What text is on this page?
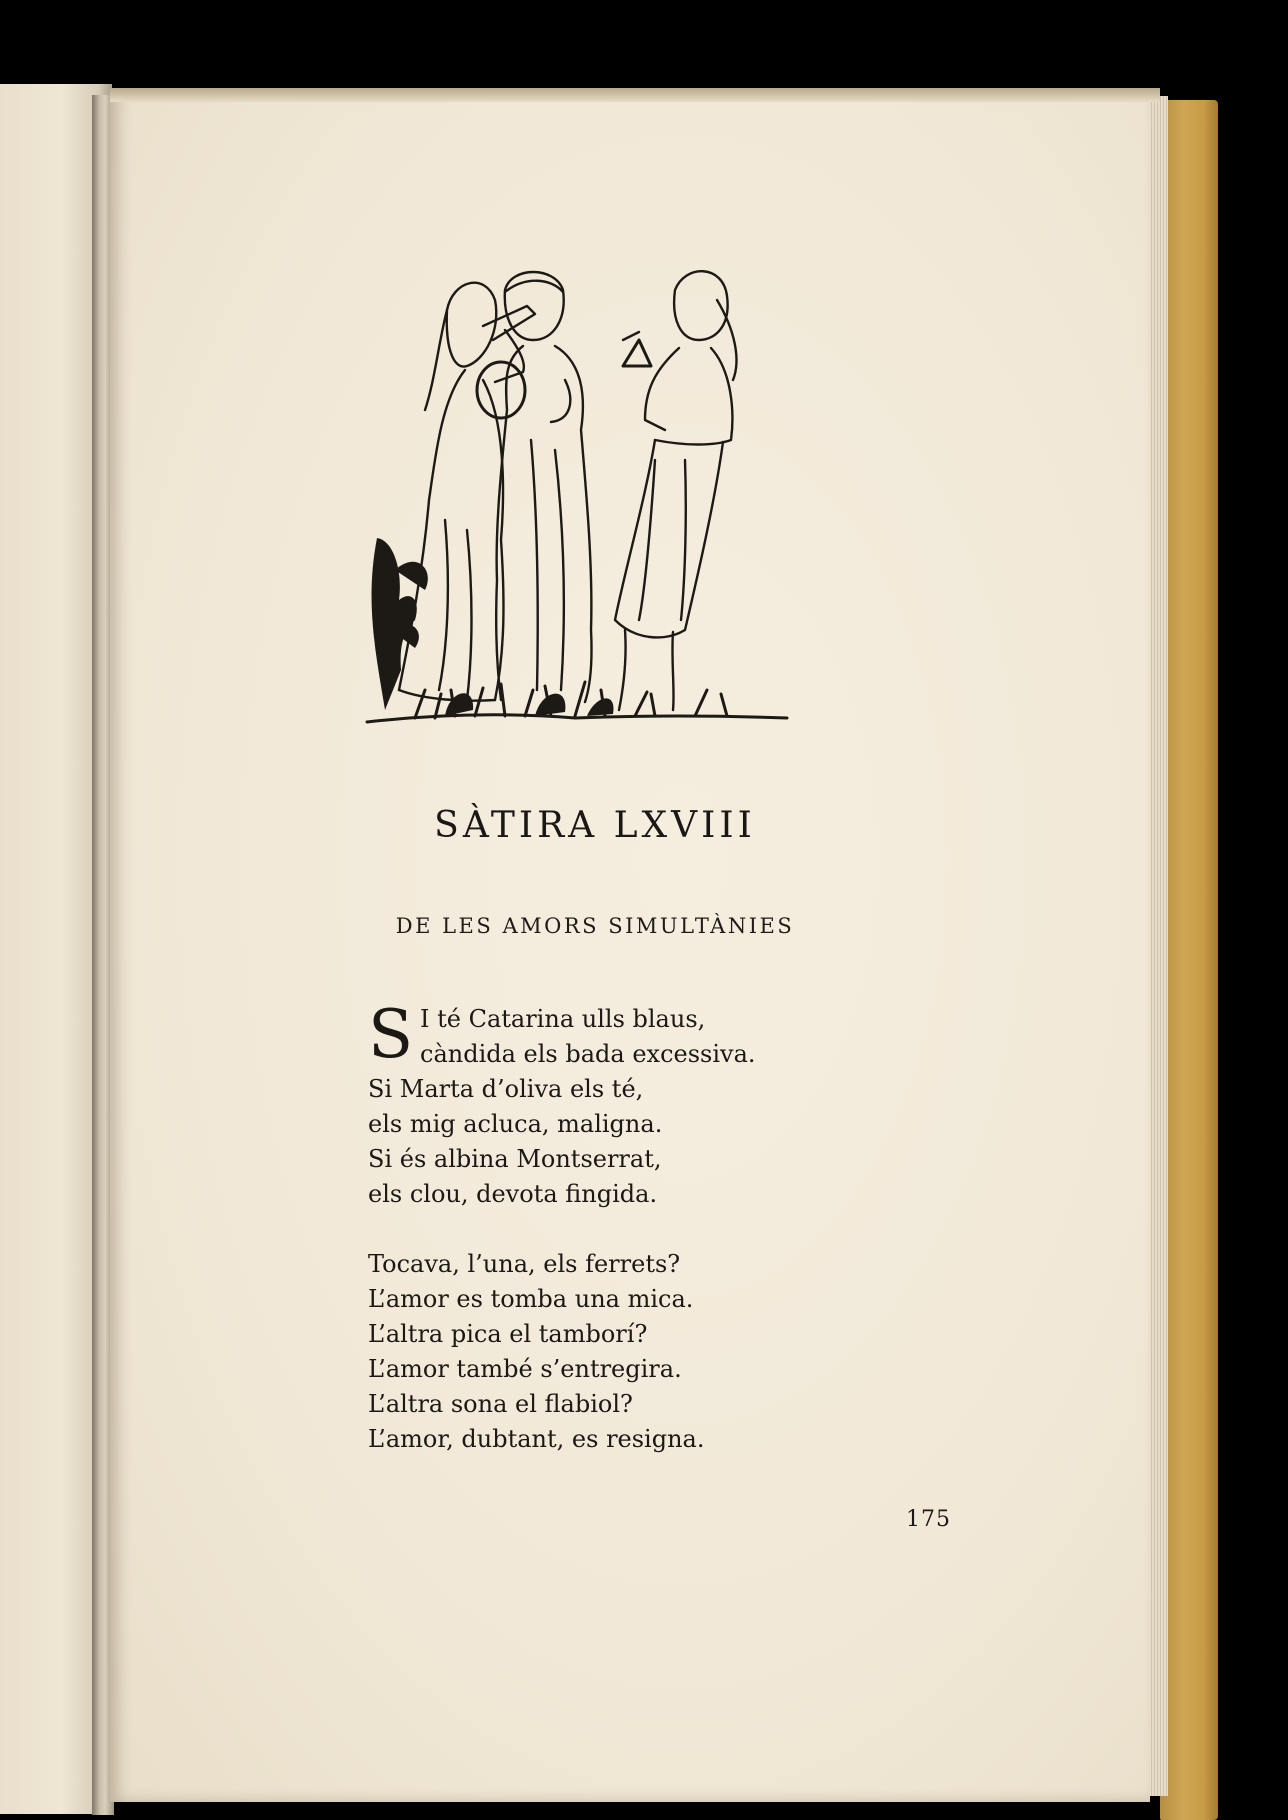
SÀTIRA LXVIII
DE LES AMORS SIMULTÀNIES
S I té Catarina ulls blaus,
càndida els bada excessiva.
Si Marta d’oliva els té,
els mig acluca, maligna.
Si és albina Montserrat,
els clou, devota fingida.
Tocava, l’una, els ferrets?
L’amor es tomba una mica.
L’altra pica el tamborí?
L’amor també s’entregira.
L’altra sona el flabiol?
L’amor, dubtant, es resigna.
175
